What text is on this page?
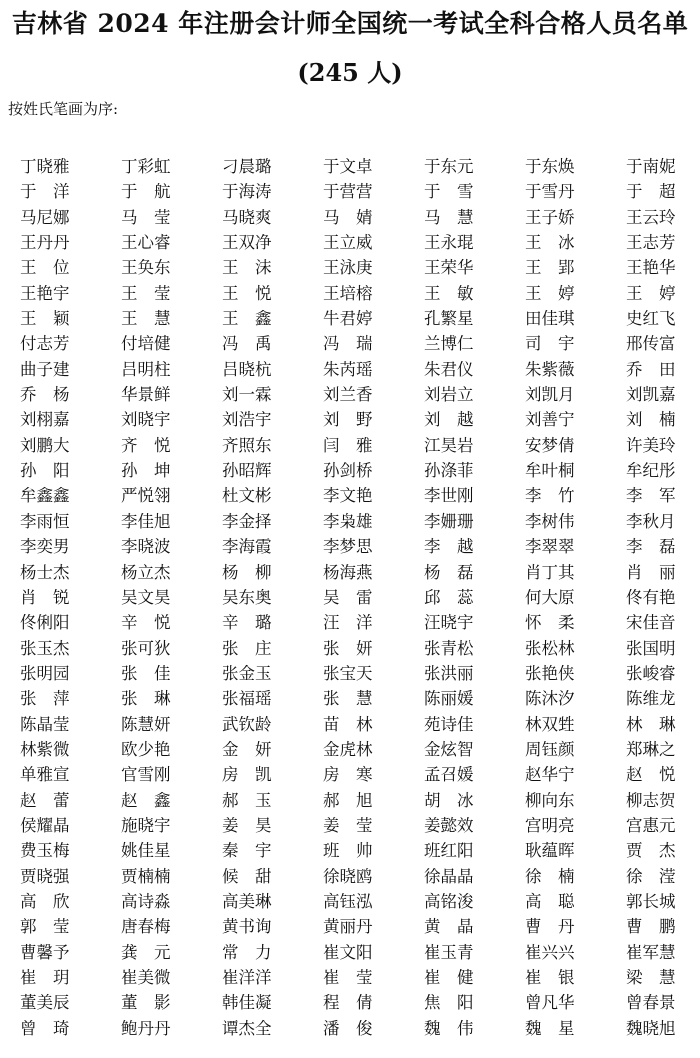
吉林省 2024 年注册会计师全国统一考试全科合格人员名单
(245 人)
按姓氏笔画为序:
丁晓雅	丁彩虹	刁晨璐	于文卓	于东元	于东焕	于南妮
于　洋	于　航	于海涛	于营营	于　雪	于雪丹	于　超
马尼娜	马　莹	马晓爽	马　婧	马　慧	王子娇	王云玲
王丹丹	王心睿	王双净	王立威	王永琨	王　冰	王志芳
王　位	王奂东	王　沫	王泳庚	王荣华	王　郢	王艳华
王艳宇	王　莹	王　悦	王培榕	王　敏	王　婷	王　婷
王　颖	王　慧	王　鑫	牛君婷	孔繁星	田佳琪	史红飞
付志芳	付培健	冯　禹	冯　瑞	兰博仁	司　宇	邢传富
曲子建	吕明柱	吕晓杭	朱芮瑶	朱君仪	朱紫薇	乔　田
乔　杨	华景鲜	刘一霖	刘兰香	刘岩立	刘凯月	刘凯嘉
刘栩嘉	刘晓宇	刘浩宇	刘　野	刘　越	刘善宁	刘　楠
刘鹏大	齐　悦	齐照东	闫　雅	江昊岩	安梦倩	许美玲
孙　阳	孙　坤	孙昭辉	孙剑桥	孙涤菲	牟叶桐	牟纪彤
牟鑫鑫	严悦翎	杜文彬	李文艳	李世刚	李　竹	李　军
李雨恒	李佳旭	李金择	李枭雄	李姗珊	李树伟	李秋月
李奕男	李晓波	李海霞	李梦思	李　越	李翠翠	李　磊
杨士杰	杨立杰	杨　柳	杨海燕	杨　磊	肖丁其	肖　丽
肖　锐	吴文昊	吴东奥	吴　雷	邱　蕊	何大原	佟有艳
佟俐阳	辛　悦	辛　璐	汪　洋	汪晓宇	怀　柔	宋佳音
张玉杰	张可狄	张　庄	张　妍	张青松	张松林	张国明
张明园	张　佳	张金玉	张宝天	张洪丽	张艳侠	张峻睿
张　萍	张　琳	张福瑶	张　慧	陈丽媛	陈沐汐	陈维龙
陈晶莹	陈慧妍	武钦龄	苗　林	苑诗佳	林双甡	林　琳
林紫微	欧少艳	金　妍	金虎林	金炫智	周钰颜	郑琳之
单雅宣	官雪刚	房　凯	房　寒	孟召媛	赵华宁	赵　悦
赵　蕾	赵　鑫	郝　玉	郝　旭	胡　冰	柳向东	柳志贺
侯耀晶	施晓宇	姜　昊	姜　莹	姜懿效	宫明亮	宫惠元
费玉梅	姚佳星	秦　宇	班　帅	班红阳	耿蕴晖	贾　杰
贾晓强	贾楠楠	候　甜	徐晓鸥	徐晶晶	徐　楠	徐　滢
高　欣	高诗淼	高美琳	高钰泓	高铭浚	高　聪	郭长城
郭　莹	唐春梅	黄书询	黄丽丹	黄　晶	曹　丹	曹　鹏
曹馨予	龚　元	常　力	崔文阳	崔玉青	崔兴兴	崔军慧
崔　玥	崔美微	崔洋洋	崔　莹	崔　健	崔　银	梁　慧
董美辰	董　影	韩佳凝	程　倩	焦　阳	曾凡华	曾春景
曾　琦	鲍丹丹	谭杰全	潘　俊	魏　伟	魏　星	魏晓旭
